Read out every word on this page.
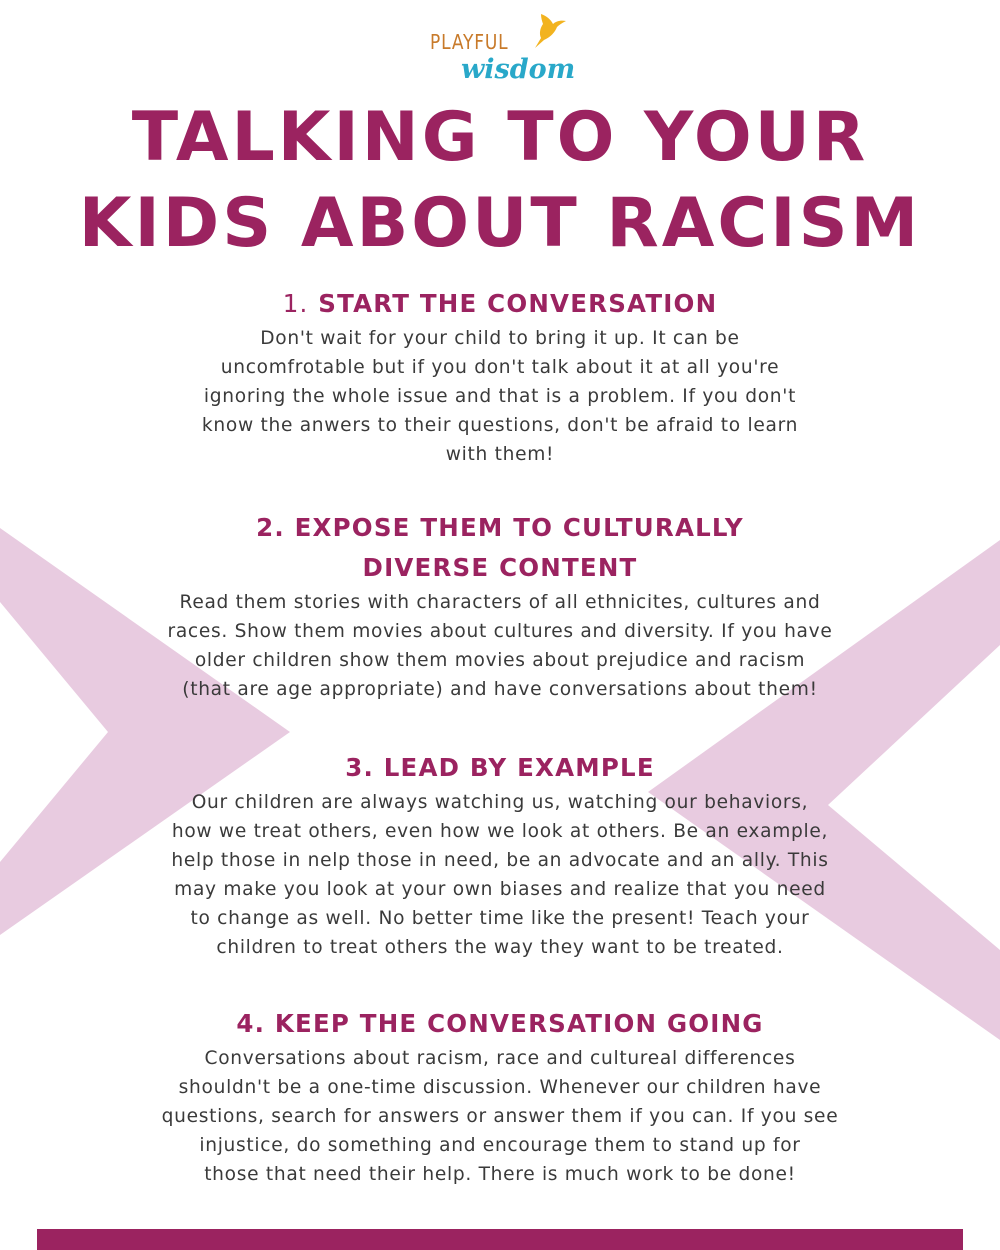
PLAYFUL
wisdom
TALKING TO YOUR
KIDS ABOUT RACISM
1. START THE CONVERSATION

Don't wait for your child to bring it up. It can be
uncomfrotable but if you don't talk about it at all you're
ignoring the whole issue and that is a problem. If you don't
know the anwers to their questions, don't be afraid to learn
with them!

2. EXPOSE THEM TO CULTURALLY
DIVERSE CONTENT

Read them stories with characters of all ethnicites, cultures and
races. Show them movies about cultures and diversity. If you have
older children show them movies about prejudice and racism
(that are age appropriate) and have conversations about them!

3. LEAD BY EXAMPLE

Our children are always watching us, watching our behaviors,
how we treat others, even how we look at others. Be an example,
help those in nelp those in need, be an advocate and an ally. This
may make you look at your own biases and realize that you need
to change as well. No better time like the present! Teach your
children to treat others the way they want to be treated.

4. KEEP THE CONVERSATION GOING

Conversations about racism, race and cultureal differences
shouldn't be a one-time discussion. Whenever our children have
questions, search for answers or answer them if you can. If you see
injustice, do something and encourage them to stand up for
those that need their help. There is much work to be done!
